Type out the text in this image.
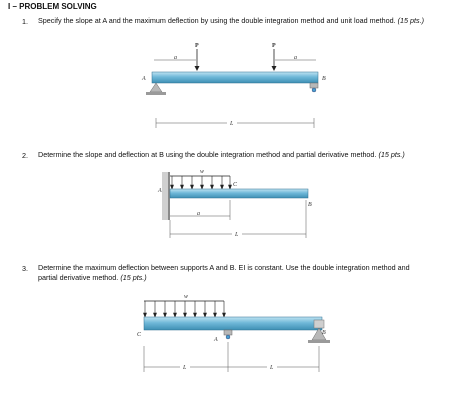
I – PROBLEM SOLVING
1. Specify the slope at A and the maximum deflection by using the double integration method and unit load method. (15 pts.)
P	P
a	a
A	B
L
2. Determine the slope and deflection at B using the double integration method and partial derivative method. (15 pts.)
A
w
C
B
a
L
3. Determine the maximum deflection between supports A and B. EI is constant. Use the double integration method and
partial derivative method. (15 pts.)
w
C
A
B
L	L
